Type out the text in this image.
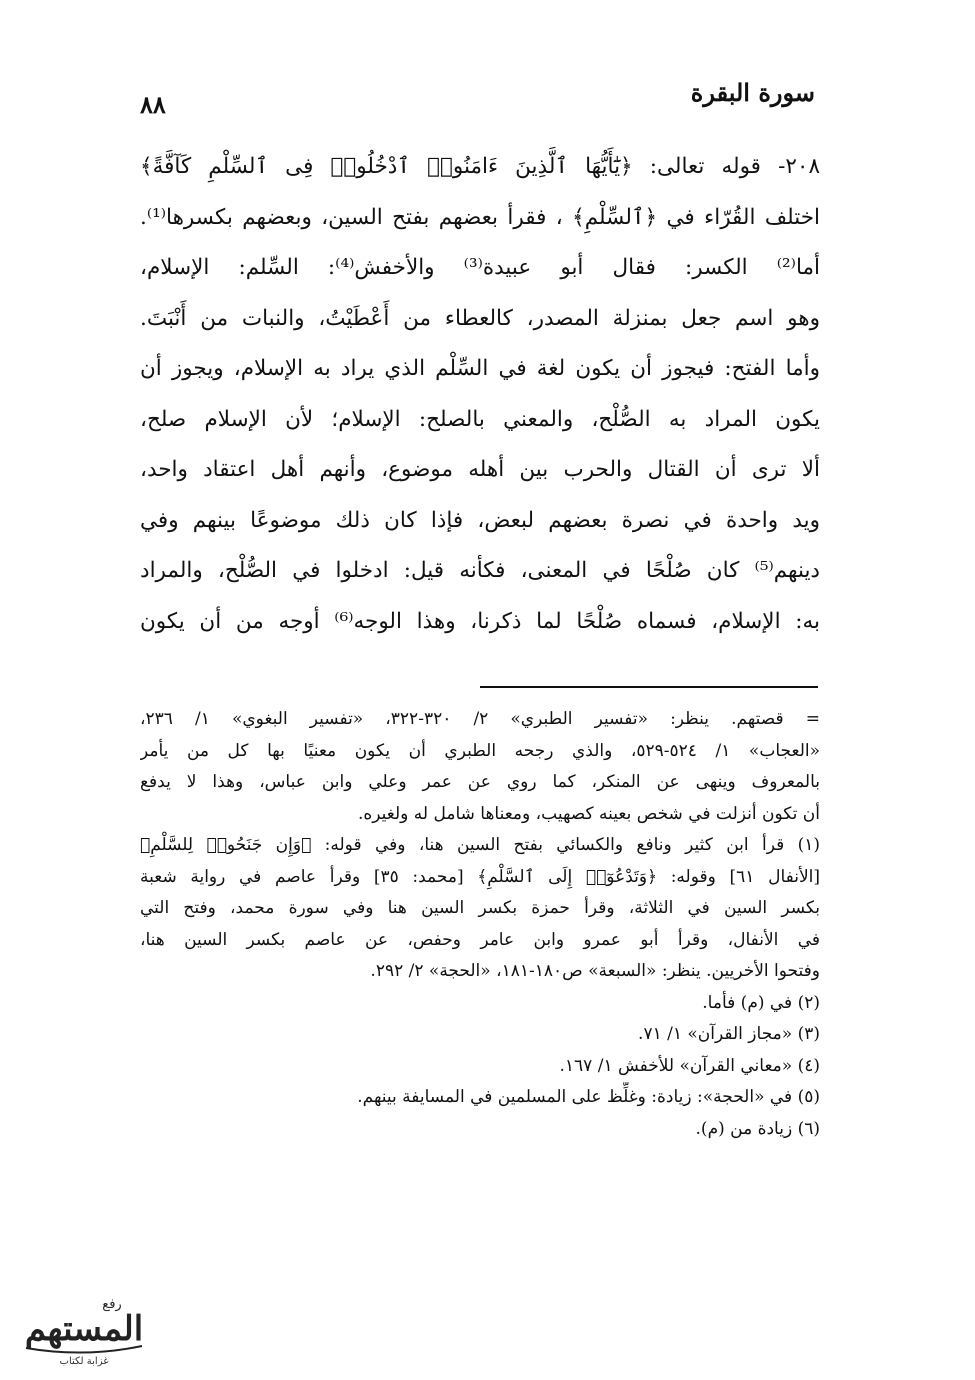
سورة البقرة
٨٨
٢٠٨- قوله تعالى: ﴿يَٰٓأَيُّهَا ٱلَّذِينَ ءَامَنُوا۟ ٱدْخُلُوا۟ فِى ٱلسِّلْمِ كَآفَّةً﴾
اختلف القُرّاء في ﴿ٱلسِّلْمِ﴾ ، فقرأ بعضهم بفتح السين، وبعضهم بكسرها⁽¹⁾.
أما⁽²⁾ الكسر: فقال أبو عبيدة⁽³⁾ والأخفش⁽⁴⁾: السِّلم: الإسلام،
وهو اسم جعل بمنزلة المصدر، كالعطاء من أَعْطَيْتُ، والنبات من أَنْبَتَ.
وأما الفتح: فيجوز أن يكون لغة في السِّلْم الذي يراد به الإسلام، ويجوز أن
يكون المراد به الصُّلْح، والمعني بالصلح: الإسلام؛ لأن الإسلام صلح،
ألا ترى أن القتال والحرب بين أهله موضوع، وأنهم أهل اعتقاد واحد،
ويد واحدة في نصرة بعضهم لبعض، فإذا كان ذلك موضوعًا بينهم وفي
دينهم⁽⁵⁾ كان صُلْحًا في المعنى، فكأنه قيل: ادخلوا في الصُّلْح، والمراد
به: الإسلام، فسماه صُلْحًا لما ذكرنا، وهذا الوجه⁽⁶⁾ أوجه من أن يكون
= قصتهم. ينظر: «تفسير الطبري» ٢/ ٣٢٠-٣٢٢، «تفسير البغوي» ١/ ٢٣٦،
«العجاب» ١/ ٥٢٤-٥٢٩، والذي رجحه الطبري أن يكون معنيًا بها كل من يأمر
بالمعروف وينهى عن المنكر، كما روي عن عمر وعلي وابن عباس، وهذا لا يدفع
أن تكون أنزلت في شخص بعينه كصهيب، ومعناها شامل له ولغيره.
(١) قرأ ابن كثير ونافع والكسائي بفتح السين هنا، وفي قوله: ﴿وَإِن جَنَحُوا۟ لِلسَّلْمِ﴾
[الأنفال ٦١] وقوله: ﴿وَتَدْعُوٓا۟ إِلَى ٱلسَّلْمِ﴾ [محمد: ٣٥] وقرأ عاصم في رواية شعبة
بكسر السين في الثلاثة، وقرأ حمزة بكسر السين هنا وفي سورة محمد، وفتح التي
في الأنفال، وقرأ أبو عمرو وابن عامر وحفص، عن عاصم بكسر السين هنا،
وفتحوا الأخريين. ينظر: «السبعة» ص١٨٠-١٨١، «الحجة» ٢/ ٢٩٢.
(٢) في (م) فأما.
(٣) «مجاز القرآن» ١/ ٧١.
(٤) «معاني القرآن» للأخفش ١/ ١٦٧.
(٥) في «الحجة»: زيادة: وغلِّظ على المسلمين في المسايفة بينهم.
(٦) زيادة من (م).
رفع
المستهم
غزابة لكتاب
